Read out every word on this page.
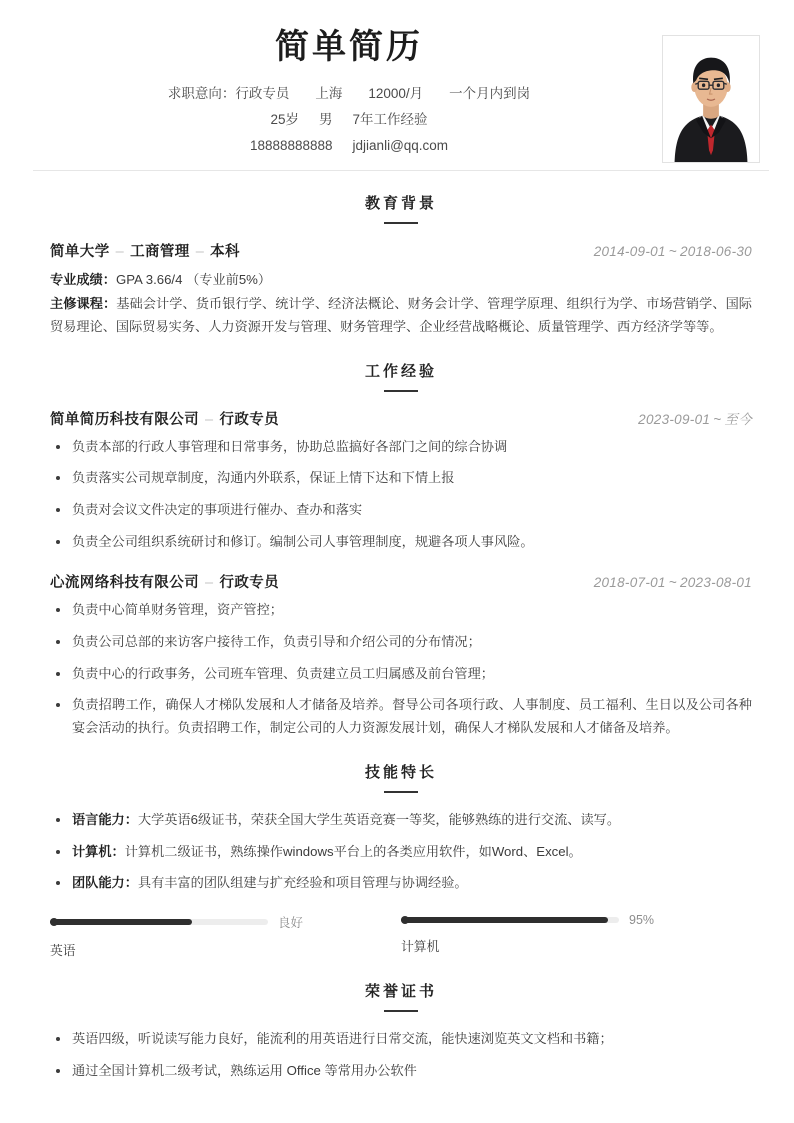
简单简历
求职意向：行政专员 上海 12000/月 一个月内到岗
25岁 男 7年工作经验
18888888888 jdjianli@qq.com
教育背景
简单大学 – 工商管理 – 本科	2014-09-01 ~ 2018-06-30

专业成绩：GPA 3.66/4 （专业前5%）

主修课程：基础会计学、货币银行学、统计学、经济法概论、财务会计学、管理学原理、组织行为学、市场营销学、国际贸易理论、国际贸易实务、人力资源开发与管理、财务管理学、企业经营战略概论、质量管理学、西方经济学等等。

工作经验
简单简历科技有限公司 – 行政专员	2023-09-01 ~ 至今
负责本部的行政人事管理和日常事务，协助总监搞好各部门之间的综合协调
负责落实公司规章制度，沟通内外联系，保证上情下达和下情上报
负责对会议文件决定的事项进行催办、查办和落实
负责全公司组织系统研讨和修订。编制公司人事管理制度，规避各项人事风险。
心流网络科技有限公司 – 行政专员	2018-07-01 ~ 2023-08-01
负责中心简单财务管理，资产管控；
负责公司总部的来访客户接待工作，负责引导和介绍公司的分布情况；
负责中心的行政事务，公司班车管理、负责建立员工归属感及前台管理；
负责招聘工作，确保人才梯队发展和人才储备及培养。督导公司各项行政、人事制度、员工福利、生日以及公司各种宴会活动的执行。负责招聘工作，制定公司的人力资源发展计划，确保人才梯队发展和人才储备及培养。
技能特长
语言能力：大学英语6级证书，荣获全国大学生英语竞赛一等奖，能够熟练的进行交流、读写。
计算机：计算机二级证书，熟练操作windows平台上的各类应用软件，如Word、Excel。
团队能力：具有丰富的团队组建与扩充经验和项目管理与协调经验。
良好
英语
95%
计算机
荣誉证书
英语四级，听说读写能力良好，能流利的用英语进行日常交流，能快速浏览英文文档和书籍；
通过全国计算机二级考试，熟练运用 Office 等常用办公软件
